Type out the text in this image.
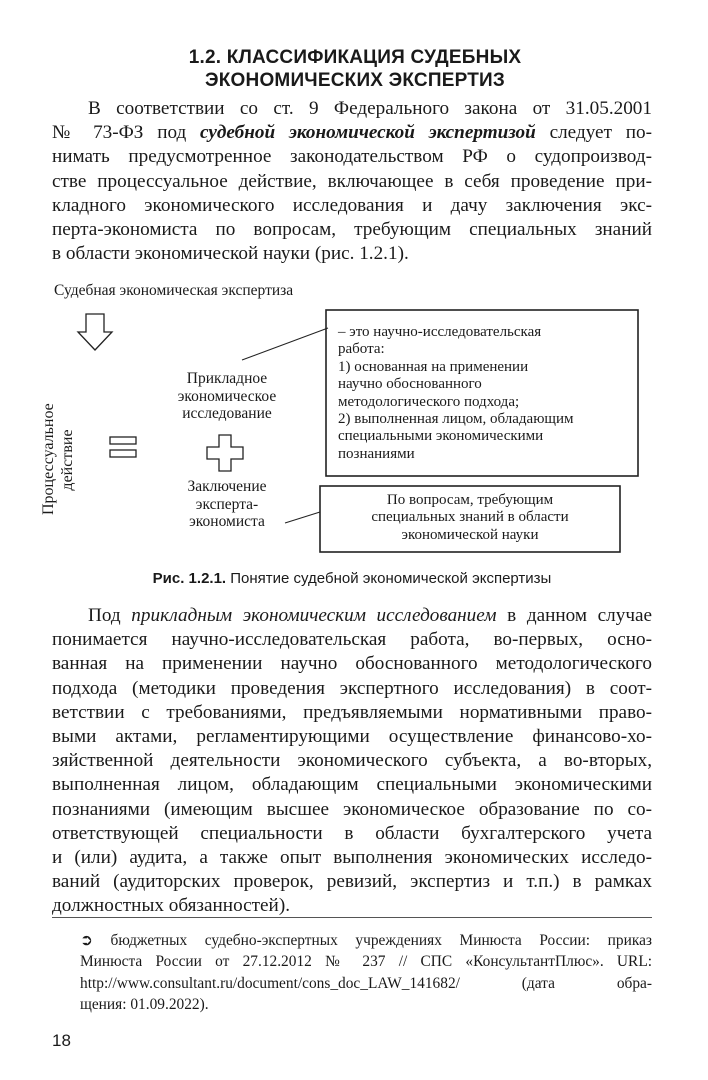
1.2. КЛАССИФИКАЦИЯ СУДЕБНЫХ
ЭКОНОМИЧЕСКИХ ЭКСПЕРТИЗ
В соответствии со ст. 9 Федерального закона от 31.05.2001
№ 73-ФЗ под судебной экономической экспертизой следует по-
нимать предусмотренное законодательством РФ о судопроизвод-
стве процессуальное действие, включающее в себя проведение при-
кладного экономического исследования и дачу заключения экс-
перта-экономиста по вопросам, требующим специальных знаний
в области экономической науки (рис. 1.2.1).
Судебная экономическая экспертиза
Процессуальное действие
Прикладное
экономическое
исследование
Заключение
эксперта-
экономиста
– это научно-исследовательская
работа:
1) основанная на применении
научно обоснованного
методологического подхода;
2) выполненная лицом, обладающим
специальными экономическими
познаниями
По вопросам, требующим
специальных знаний в области
экономической науки
Рис. 1.2.1. Понятие судебной экономической экспертизы
Под прикладным экономическим исследованием в данном случае
понимается научно-исследовательская работа, во-первых, осно-
ванная на применении научно обоснованного методологического
подхода (методики проведения экспертного исследования) в соот-
ветствии с требованиями, предъявляемыми нормативными право-
выми актами, регламентирующими осуществление финансово-хо-
зяйственной деятельности экономического субъекта, а во-вторых,
выполненная лицом, обладающим специальными экономическими
познаниями (имеющим высшее экономическое образование по со-
ответствующей специальности в области бухгалтерского учета
и (или) аудита, а также опыт выполнения экономических исследо-
ваний (аудиторских проверок, ревизий, экспертиз и т.п.) в рамках
должностных обязанностей).
➲ бюджетных судебно-экспертных учреждениях Минюста России: приказ
Минюста России от 27.12.2012 № 237 // СПС «КонсультантПлюс». URL:
http://www.consultant.ru/document/cons_doc_LAW_141682/ (дата обра-
щения: 01.09.2022).
18
